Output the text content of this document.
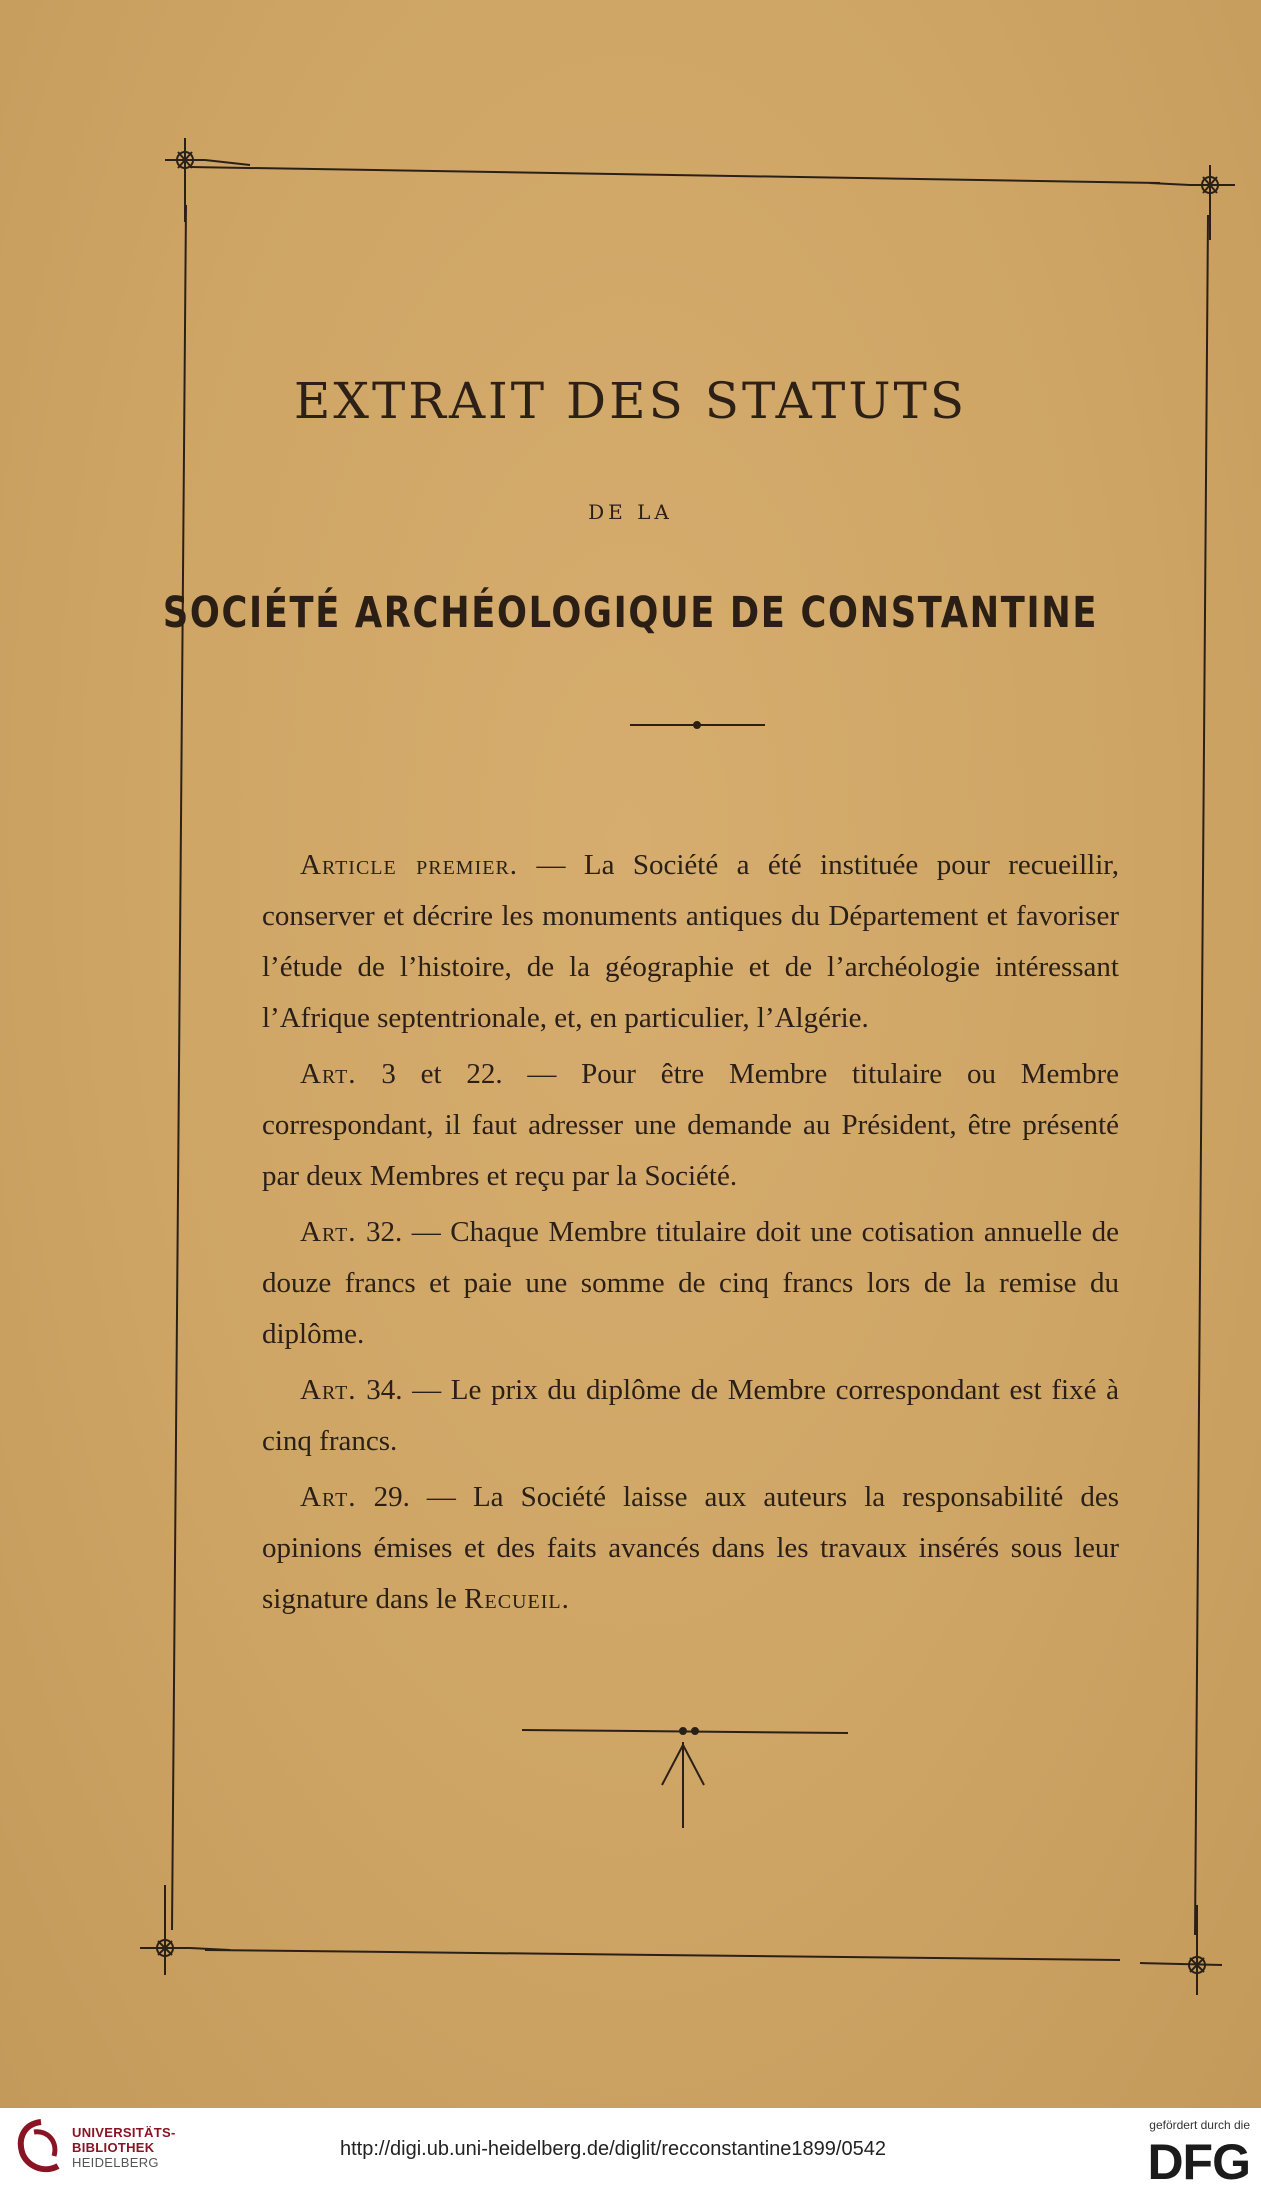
EXTRAIT DES STATUTS
DE LA
SOCIÉTÉ ARCHÉOLOGIQUE DE CONSTANTINE

Article premier. — La Société a été instituée pour recueillir, conserver et décrire les monuments antiques du Département et favoriser l’étude de l’histoire, de la géographie et de l’archéologie intéressant l’Afrique septentrionale, et, en particulier, l’Algérie.

Art. 3 et 22. — Pour être Membre titulaire ou Membre correspondant, il faut adresser une demande au Président, être présenté par deux Membres et reçu par la Société.

Art. 32. — Chaque Membre titulaire doit une cotisation annuelle de douze francs et paie une somme de cinq francs lors de la remise du diplôme.

Art. 34. — Le prix du diplôme de Membre correspondant est fixé à cinq francs.

Art. 29. — La Société laisse aux auteurs la responsabilité des opinions émises et des faits avancés dans les travaux insérés sous leur signature dans le Recueil.

UNIVERSITÄTS-
BIBLIOTHEK
HEIDELBERG
http://digi.ub.uni-heidelberg.de/diglit/recconstantine1899/0542
gefördert durch die
DFG
